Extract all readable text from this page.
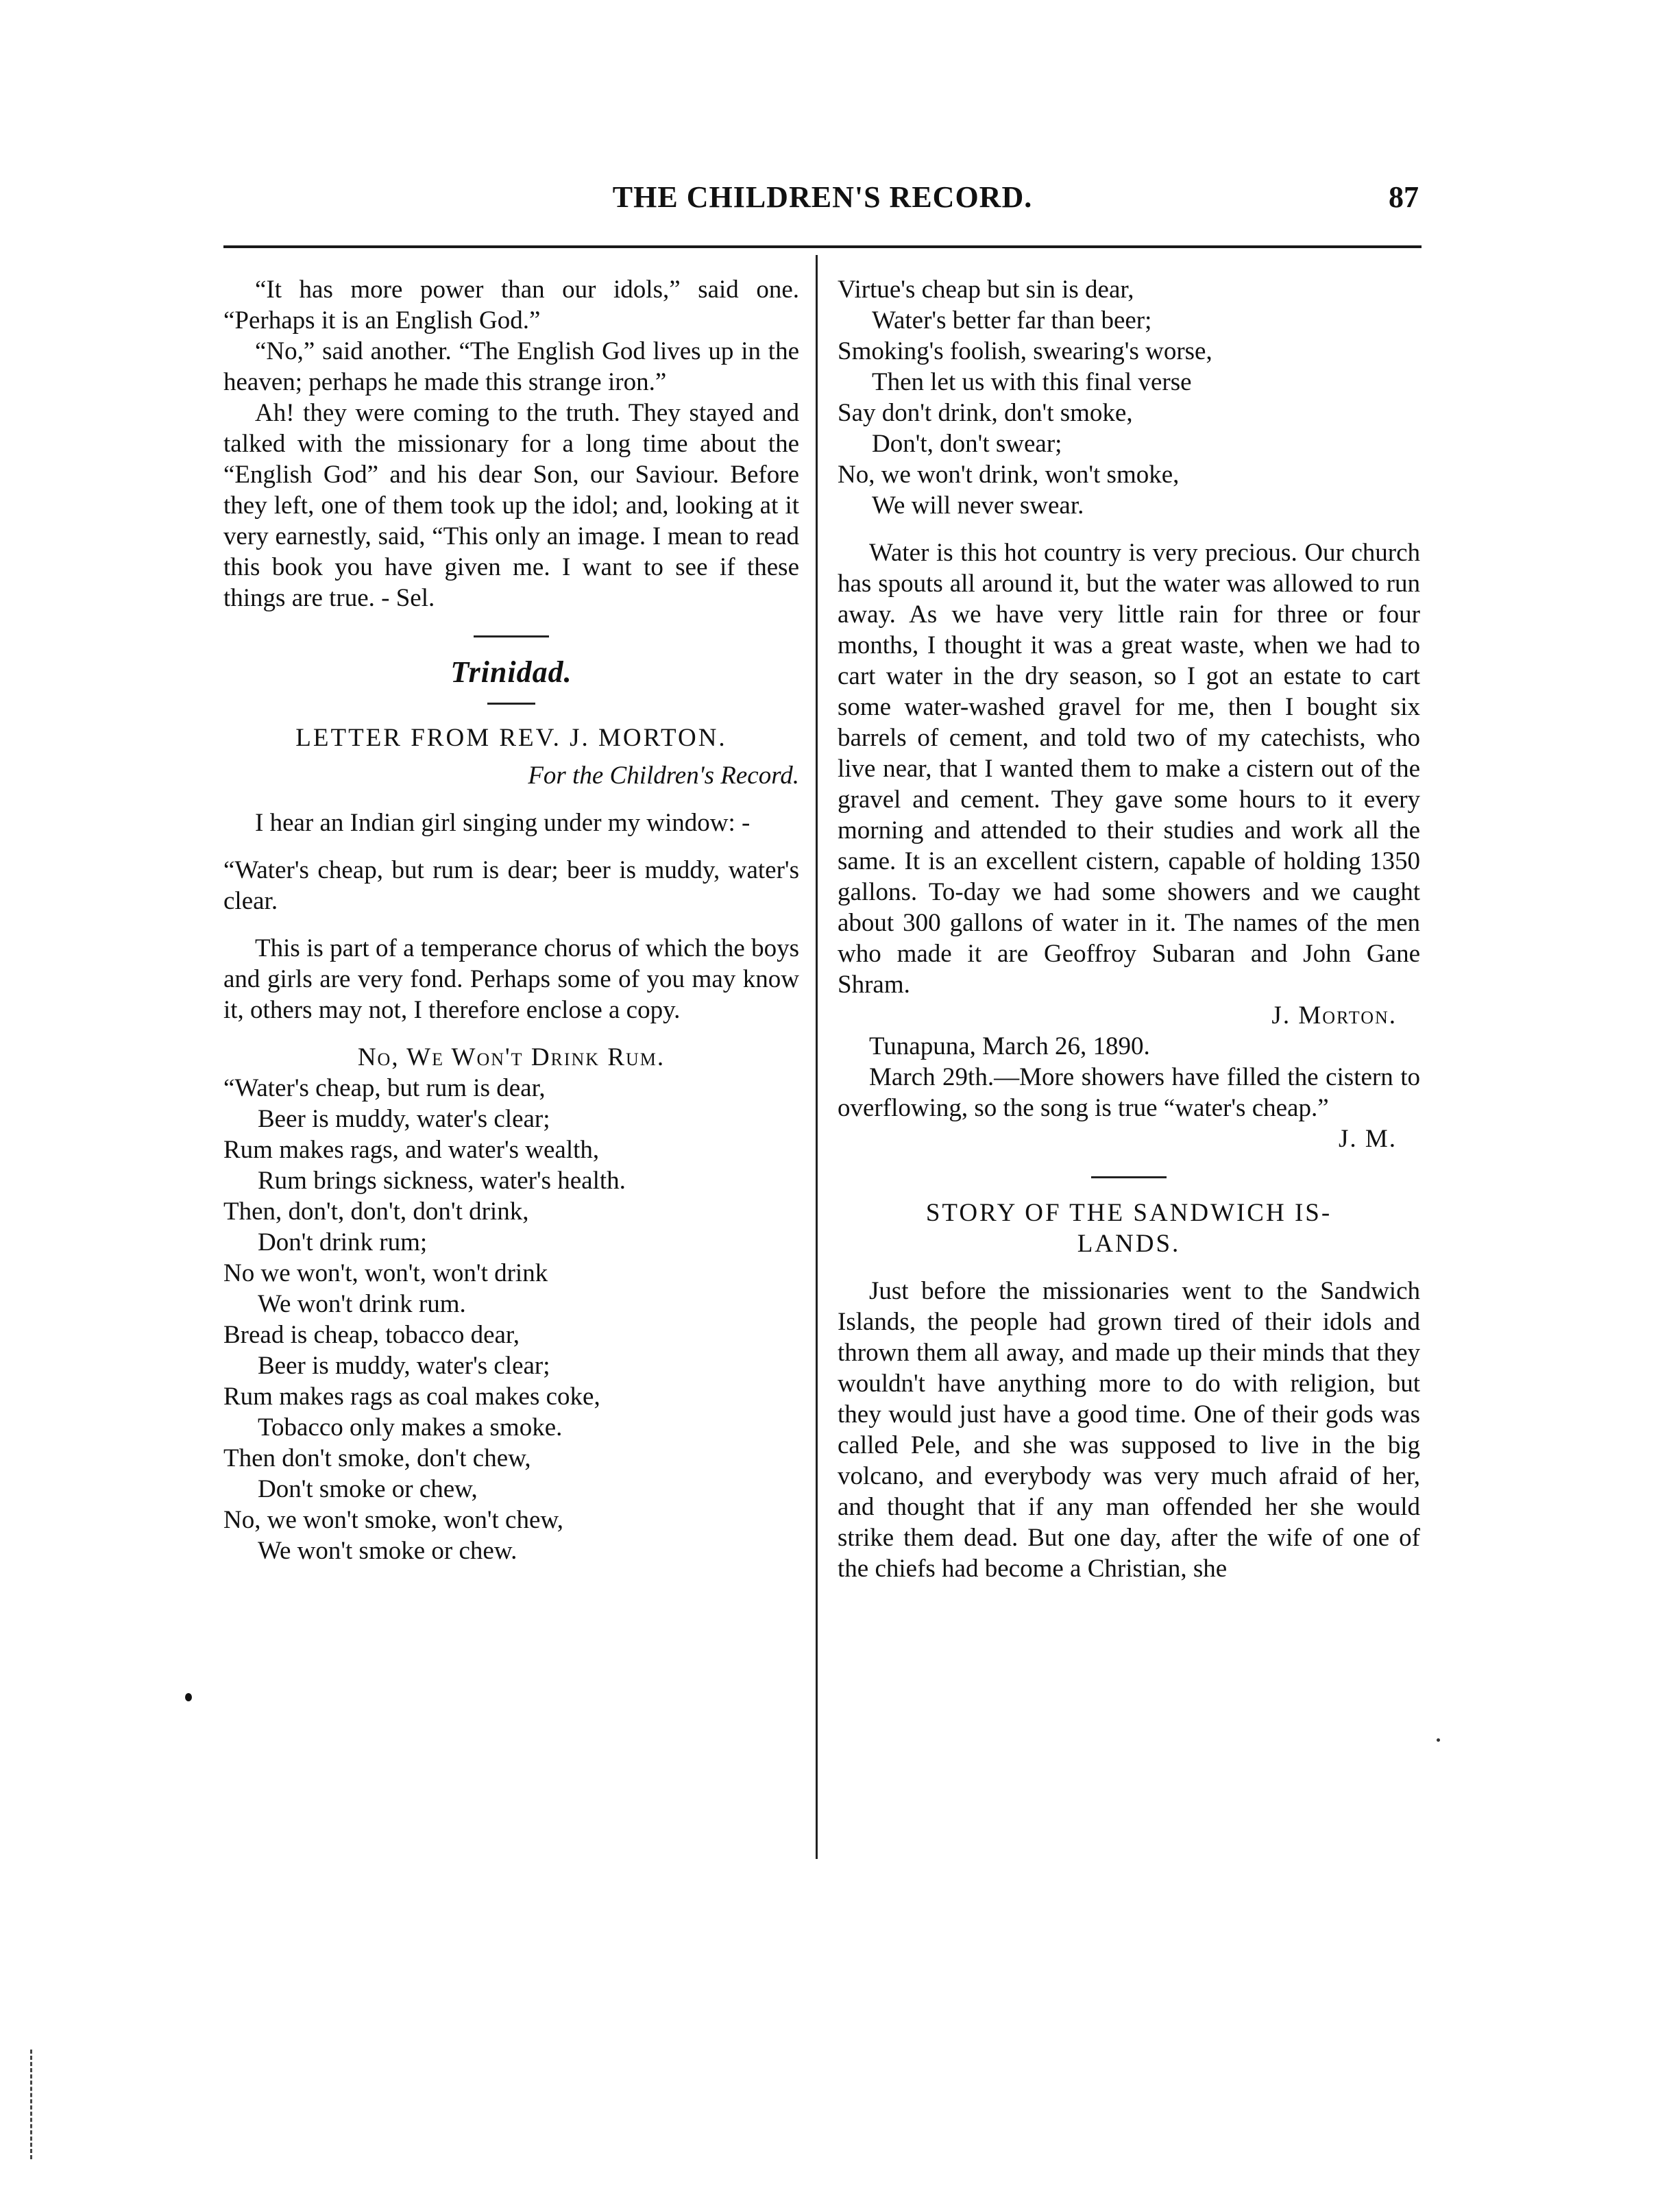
THE CHILDREN'S RECORD.	87

“It has more power than our idols,” said one. “Perhaps it is an English God.”

“No,” said another. “The English God lives up in the heaven; perhaps he made this strange iron.”

Ah! they were coming to the truth. They stayed and talked with the missionary for a long time about the “English God” and his dear Son, our Saviour. Before they left, one of them took up the idol; and, looking at it very earnestly, said, “This only an image. I mean to read this book you have given me. I want to see if these things are true. - Sel.

Trinidad.
LETTER FROM REV. J. MORTON.
For the Children's Record.

I hear an Indian girl singing under my window: -

“Water's cheap, but rum is dear; beer is muddy, water's clear.

This is part of a temperance chorus of which the boys and girls are very fond. Perhaps some of you may know it, others may not, I therefore enclose a copy.

No, We Won't Drink Rum.
“Water's cheap, but rum is dear,
Beer is muddy, water's clear;
Rum makes rags, and water's wealth,
Rum brings sickness, water's health.
Then, don't, don't, don't drink,
Don't drink rum;
No we won't, won't, won't drink
We won't drink rum.
Bread is cheap, tobacco dear,
Beer is muddy, water's clear;
Rum makes rags as coal makes coke,
Tobacco only makes a smoke.
Then don't smoke, don't chew,
Don't smoke or chew,
No, we won't smoke, won't chew,
We won't smoke or chew.
Virtue's cheap but sin is dear,
Water's better far than beer;
Smoking's foolish, swearing's worse,
Then let us with this final verse
Say don't drink, don't smoke,
Don't, don't swear;
No, we won't drink, won't smoke,
We will never swear.

Water is this hot country is very precious. Our church has spouts all around it, but the water was allowed to run away. As we have very little rain for three or four months, I thought it was a great waste, when we had to cart water in the dry season, so I got an estate to cart some water-washed gravel for me, then I bought six barrels of cement, and told two of my catechists, who live near, that I wanted them to make a cistern out of the gravel and cement. They gave some hours to it every morning and attended to their studies and work all the same. It is an excellent cistern, capable of holding 1350 gallons. To-day we had some showers and we caught about 300 gallons of water in it. The names of the men who made it are Geoffroy Subaran and John Gane Shram.

J. Morton.

Tunapuna, March 26, 1890.

March 29th.—More showers have filled the cistern to overflowing, so the song is true “water's cheap.”

J. M.
STORY OF THE SANDWICH IS-
LANDS.

Just before the missionaries went to the Sandwich Islands, the people had grown tired of their idols and thrown them all away, and made up their minds that they wouldn't have anything more to do with religion, but they would just have a good time. One of their gods was called Pele, and she was supposed to live in the big volcano, and everybody was very much afraid of her, and thought that if any man offended her she would strike them dead. But one day, after the wife of one of the chiefs had become a Christian, she
